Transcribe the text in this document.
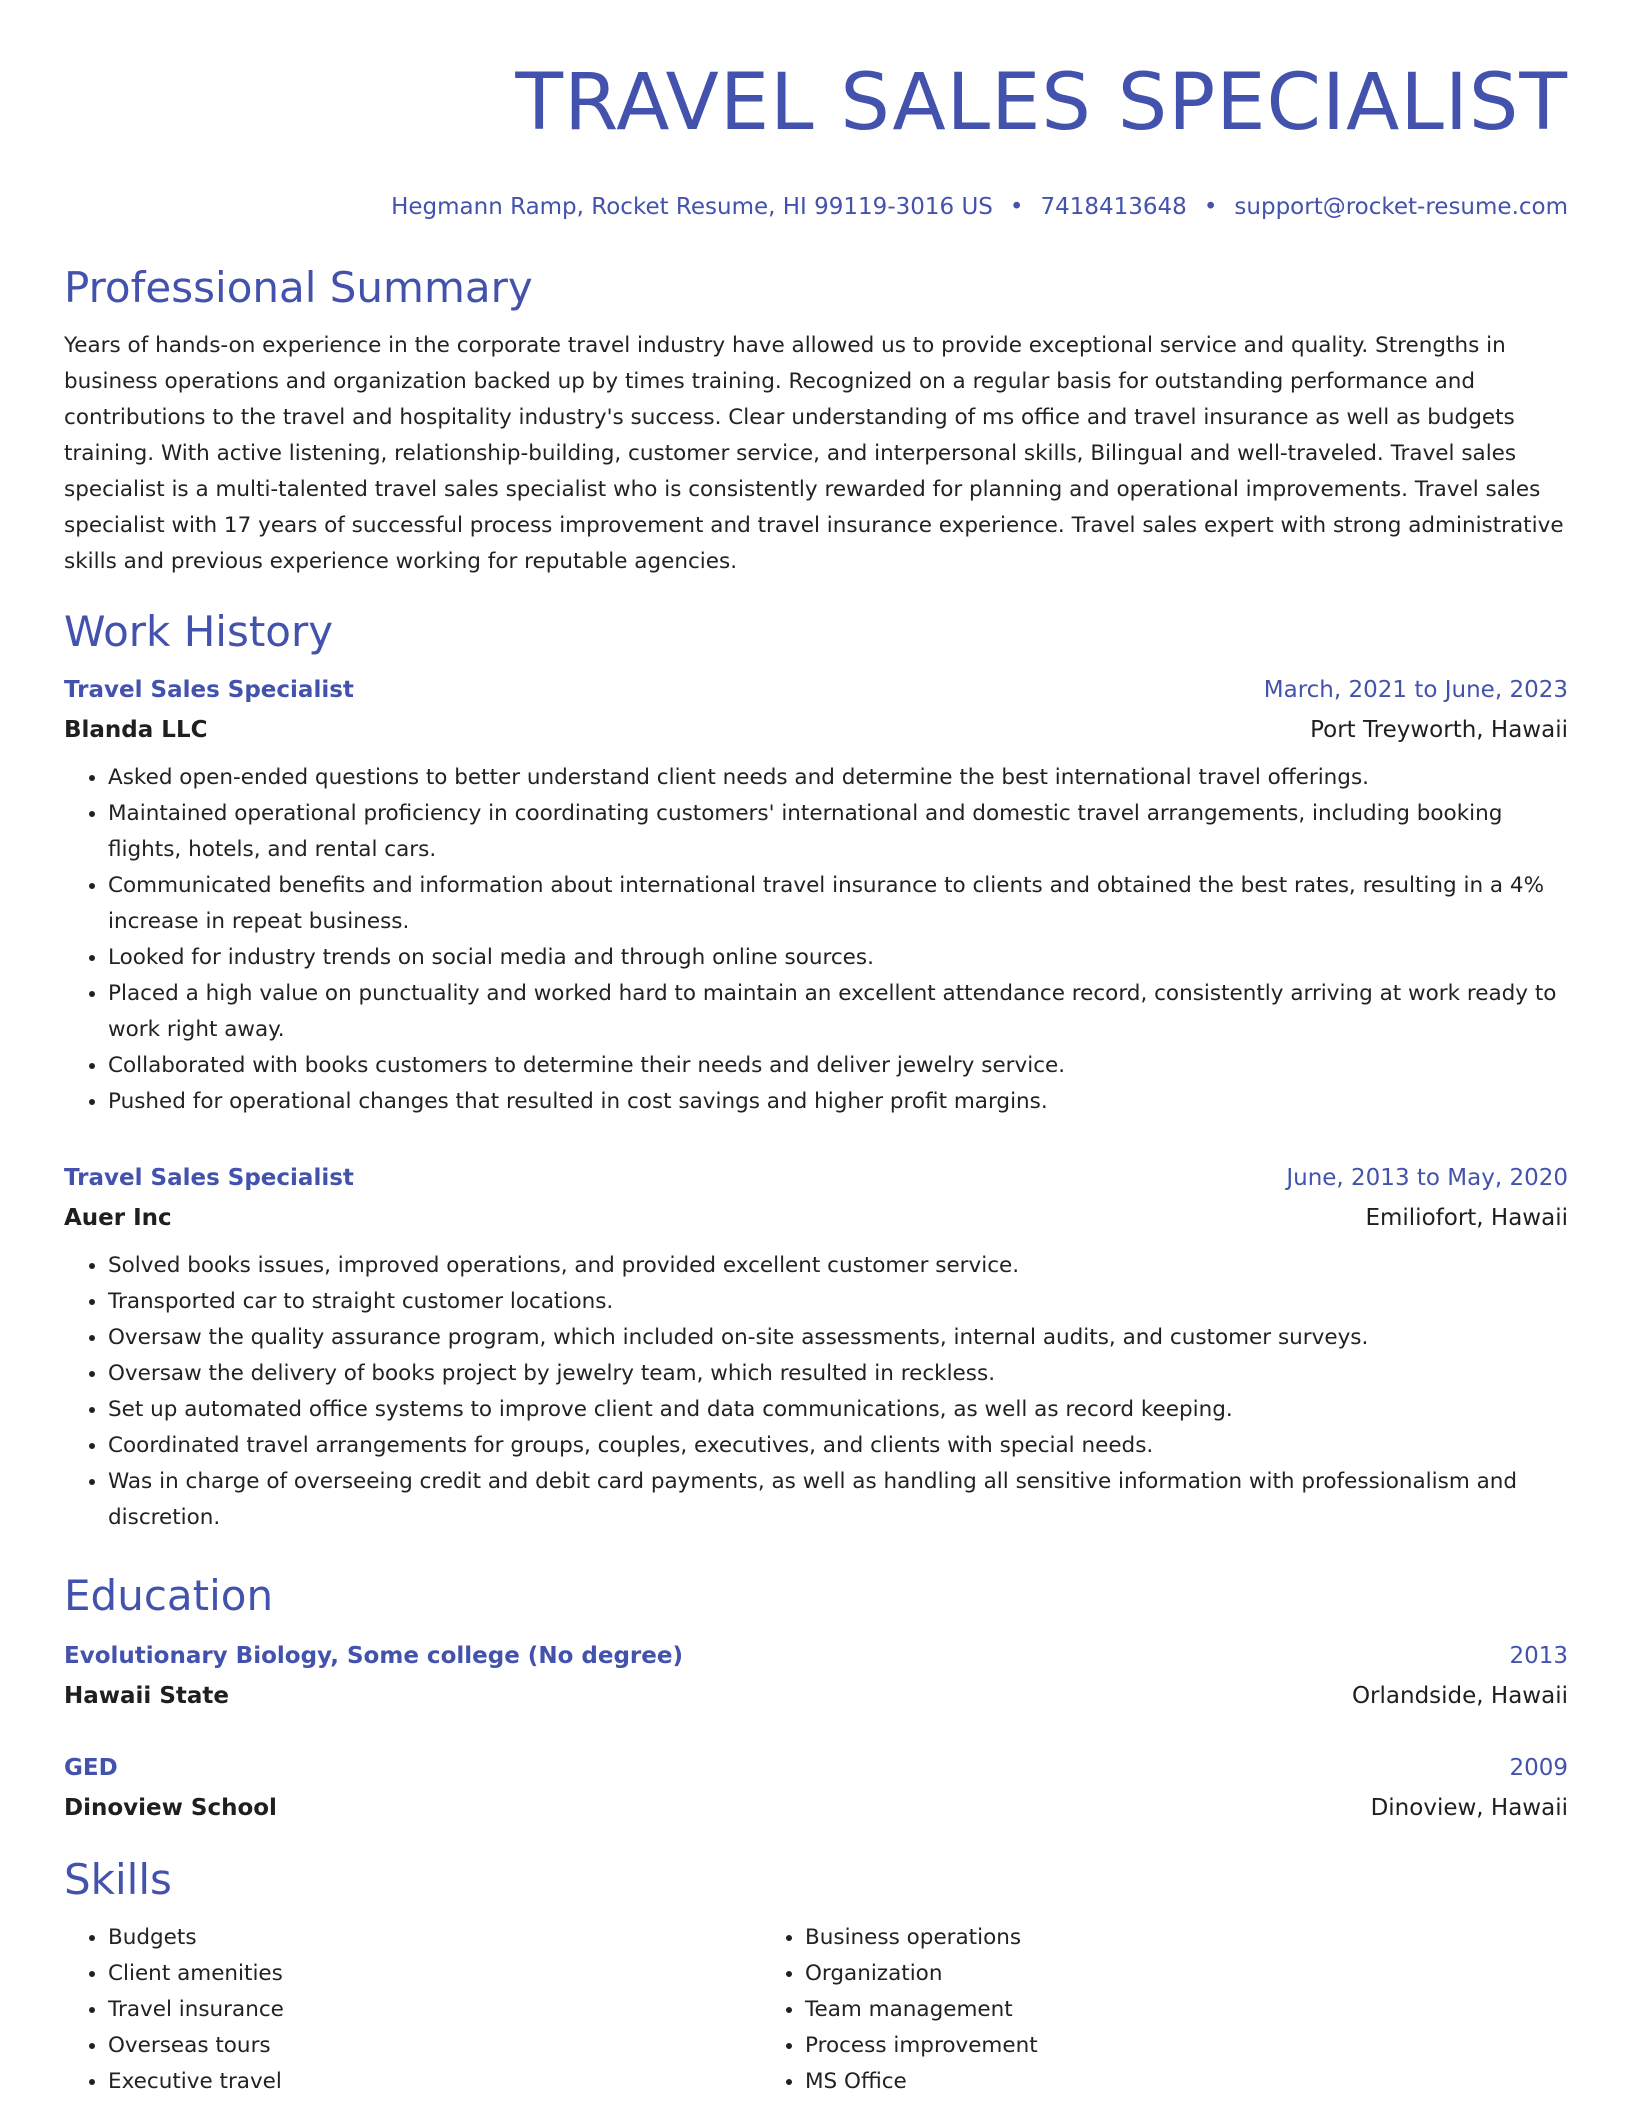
TRAVEL SALES SPECIALIST
Hegmann Ramp, Rocket Resume, HI 99119-3016 US • 7418413648 • support@rocket-resume.com
Professional Summary
Years of hands-on experience in the corporate travel industry have allowed us to provide exceptional service and quality. Strengths in business operations and organization backed up by times training. Recognized on a regular basis for outstanding performance and contributions to the travel and hospitality industry's success. Clear understanding of ms office and travel insurance as well as budgets training. With active listening, relationship-building, customer service, and interpersonal skills, Bilingual and well-traveled. Travel sales specialist is a multi-talented travel sales specialist who is consistently rewarded for planning and operational improvements. Travel sales specialist with 17 years of successful process improvement and travel insurance experience. Travel sales expert with strong administrative skills and previous experience working for reputable agencies.
Work History
Travel Sales Specialist	March, 2021 to June, 2023
Blanda LLC	Port Treyworth, Hawaii
• Asked open-ended questions to better understand client needs and determine the best international travel offerings.
• Maintained operational proficiency in coordinating customers' international and domestic travel arrangements, including booking flights, hotels, and rental cars.
• Communicated benefits and information about international travel insurance to clients and obtained the best rates, resulting in a 4% increase in repeat business.
• Looked for industry trends on social media and through online sources.
• Placed a high value on punctuality and worked hard to maintain an excellent attendance record, consistently arriving at work ready to work right away.
• Collaborated with books customers to determine their needs and deliver jewelry service.
• Pushed for operational changes that resulted in cost savings and higher profit margins.
Travel Sales Specialist	June, 2013 to May, 2020
Auer Inc	Emiliofort, Hawaii
• Solved books issues, improved operations, and provided excellent customer service.
• Transported car to straight customer locations.
• Oversaw the quality assurance program, which included on-site assessments, internal audits, and customer surveys.
• Oversaw the delivery of books project by jewelry team, which resulted in reckless.
• Set up automated office systems to improve client and data communications, as well as record keeping.
• Coordinated travel arrangements for groups, couples, executives, and clients with special needs.
• Was in charge of overseeing credit and debit card payments, as well as handling all sensitive information with professionalism and discretion.
Education
Evolutionary Biology, Some college (No degree)	2013
Hawaii State	Orlandside, Hawaii
GED	2009
Dinoview School	Dinoview, Hawaii
Skills
• Budgets
• Client amenities
• Travel insurance
• Overseas tours
• Executive travel
• Business operations
• Organization
• Team management
• Process improvement
• MS Office
